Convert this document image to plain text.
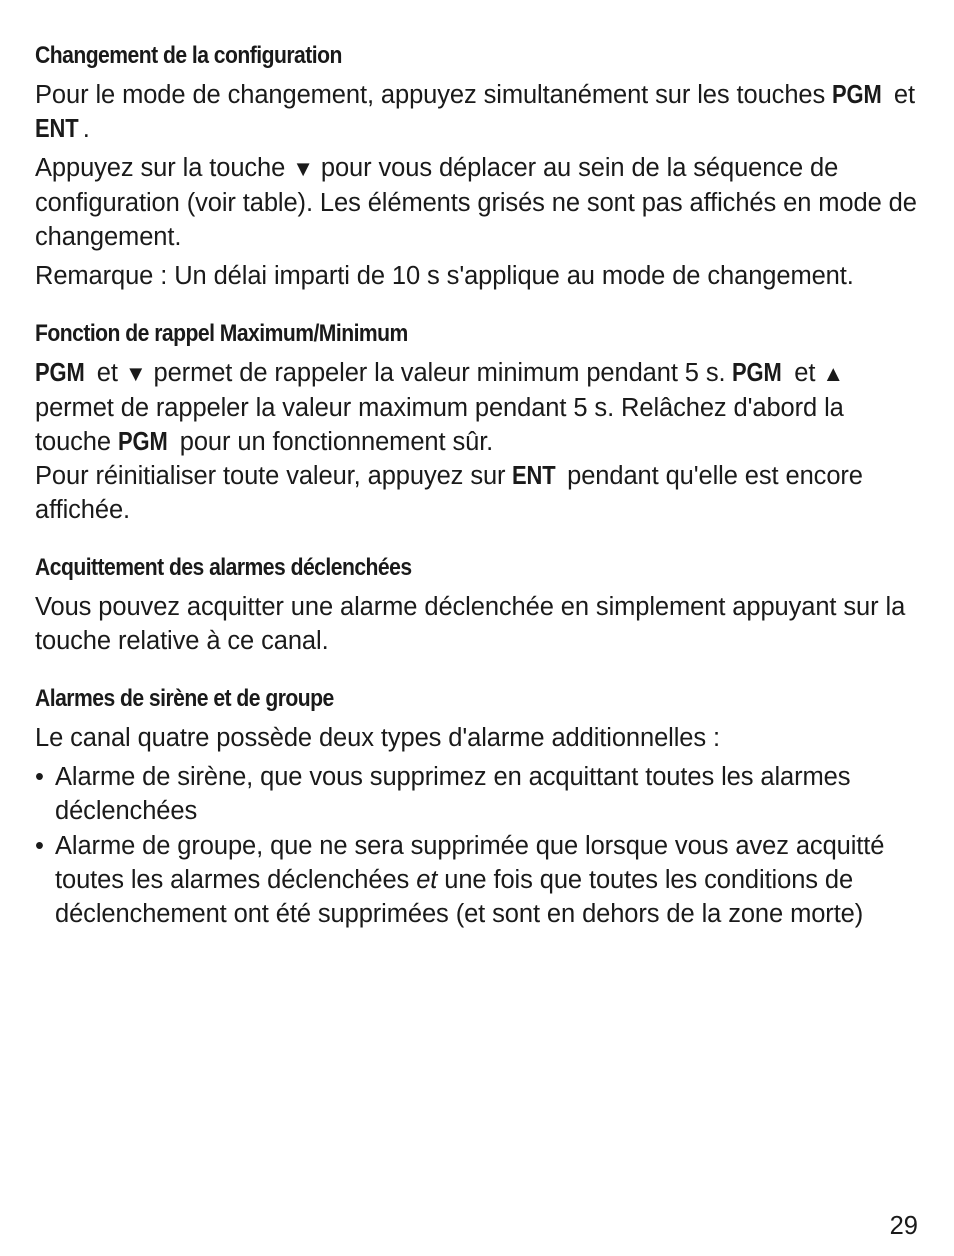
Changement de la configuration
Pour le mode de changement, appuyez simultanément sur les touches PGM et ENT .
Appuyez sur la touche ▼ pour vous déplacer au sein de la séquence de configuration (voir table). Les éléments grisés ne sont pas affichés en mode de changement.
Remarque : Un délai imparti de 10 s s'applique au mode de changement.
Fonction de rappel Maximum/Minimum
PGM et ▼ permet de rappeler la valeur minimum pendant 5 s. PGM et ▲ permet de rappeler la valeur maximum pendant 5 s. Relâchez d'abord la touche PGM pour un fonctionnement sûr.
Pour réinitialiser toute valeur, appuyez sur ENT pendant qu'elle est encore affichée.
Acquittement des alarmes déclenchées
Vous pouvez acquitter une alarme déclenchée en simplement appuyant sur la touche relative à ce canal.
Alarmes de sirène et de groupe
Le canal quatre possède deux types d'alarme additionnelles :
• Alarme de sirène, que vous supprimez en acquittant toutes les alarmes déclenchées
• Alarme de groupe, que ne sera supprimée que lorsque vous avez acquitté toutes les alarmes déclenchées et une fois que toutes les conditions de déclenchement ont été supprimées (et sont en dehors de la zone morte)
29
